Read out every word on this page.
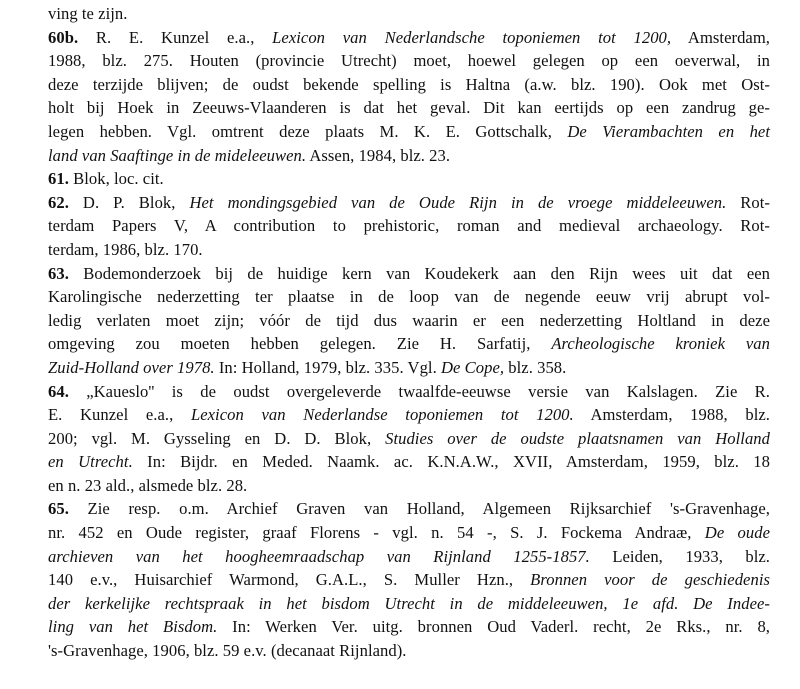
ving te zijn.
60b. R. E. Kunzel e.a., Lexicon van Nederlandsche toponiemen tot 1200, Amsterdam,
1988, blz. 275. Houten (provincie Utrecht) moet, hoewel gelegen op een oeverwal, in
deze terzijde blijven; de oudst bekende spelling is Haltna (a.w. blz. 190). Ook met Ost-
holt bij Hoek in Zeeuws-Vlaanderen is dat het geval. Dit kan eertijds op een zandrug ge-
legen hebben. Vgl. omtrent deze plaats M. K. E. Gottschalk, De Vierambachten en het
land van Saaftinge in de mideleeuwen. Assen, 1984, blz. 23.
61. Blok, loc. cit.
62. D. P. Blok, Het mondingsgebied van de Oude Rijn in de vroege middeleeuwen. Rot-
terdam Papers V, A contribution to prehistoric, roman and medieval archaeology. Rot-
terdam, 1986, blz. 170.
63. Bodemonderzoek bij de huidige kern van Koudekerk aan den Rijn wees uit dat een
Karolingische nederzetting ter plaatse in de loop van de negende eeuw vrij abrupt vol-
ledig verlaten moet zijn; vóór de tijd dus waarin er een nederzetting Holtland in deze
omgeving zou moeten hebben gelegen. Zie H. Sarfatij, Archeologische kroniek van
Zuid-Holland over 1978. In: Holland, 1979, blz. 335. Vgl. De Cope, blz. 358.
64. „Kaueslo'' is de oudst overgeleverde twaalfde-eeuwse versie van Kalslagen. Zie R.
E. Kunzel e.a., Lexicon van Nederlandse toponiemen tot 1200. Amsterdam, 1988, blz.
200; vgl. M. Gysseling en D. D. Blok, Studies over de oudste plaatsnamen van Holland
en Utrecht. In: Bijdr. en Meded. Naamk. ac. K.N.A.W., XVII, Amsterdam, 1959, blz. 18
en n. 23 ald., alsmede blz. 28.
65. Zie resp. o.m. Archief Graven van Holland, Algemeen Rijksarchief 's-Gravenhage,
nr. 452 en Oude register, graaf Florens - vgl. n. 54 -, S. J. Fockema Andraæ, De oude
archieven van het hoogheemraadschap van Rijnland 1255-1857. Leiden, 1933, blz.
140 e.v., Huisarchief Warmond, G.A.L., S. Muller Hzn., Bronnen voor de geschiedenis
der kerkelijke rechtspraak in het bisdom Utrecht in de middeleeuwen, 1e afd. De Indee-
ling van het Bisdom. In: Werken Ver. uitg. bronnen Oud Vaderl. recht, 2e Rks., nr. 8,
's-Gravenhage, 1906, blz. 59 e.v. (decanaat Rijnland).
